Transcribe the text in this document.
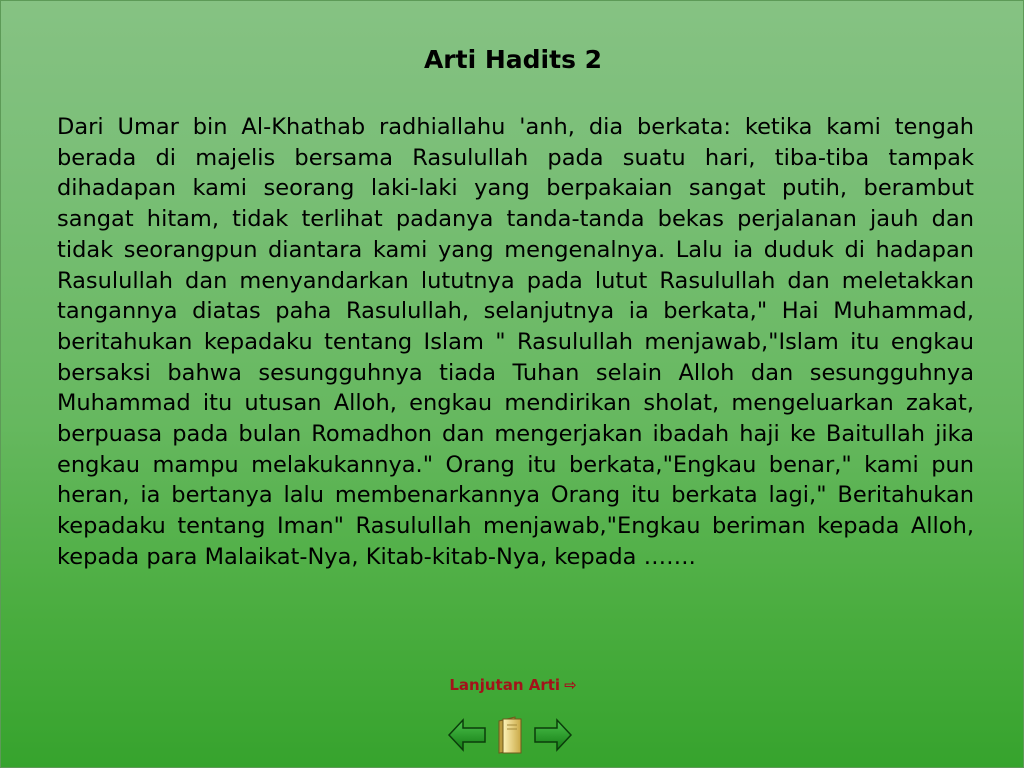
Arti Hadits 2

Dari Umar bin Al-Khathab radhiallahu 'anh, dia berkata: ketika kami tengah berada di majelis bersama Rasulullah pada suatu hari, tiba-tiba tampak dihadapan kami seorang laki-laki yang berpakaian sangat putih, berambut sangat hitam, tidak terlihat padanya tanda-tanda bekas perjalanan jauh dan tidak seorangpun diantara kami yang mengenalnya. Lalu ia duduk di hadapan Rasulullah dan menyandarkan lututnya pada lutut Rasulullah dan meletakkan tangannya diatas paha Rasulullah, selanjutnya ia berkata," Hai Muhammad, beritahukan kepadaku tentang Islam " Rasulullah menjawab,"Islam itu engkau bersaksi bahwa sesungguhnya tiada Tuhan selain Alloh dan sesungguhnya Muhammad itu utusan Alloh, engkau mendirikan sholat, mengeluarkan zakat, berpuasa pada bulan Romadhon dan mengerjakan ibadah haji ke Baitullah jika engkau mampu melakukannya." Orang itu berkata,"Engkau benar," kami pun heran, ia bertanya lalu membenarkannya Orang itu berkata lagi," Beritahukan kepadaku tentang Iman" Rasulullah menjawab,"Engkau beriman kepada Alloh, kepada para Malaikat-Nya, Kitab-kitab-Nya, kepada …….

Lanjutan Arti ⇨
